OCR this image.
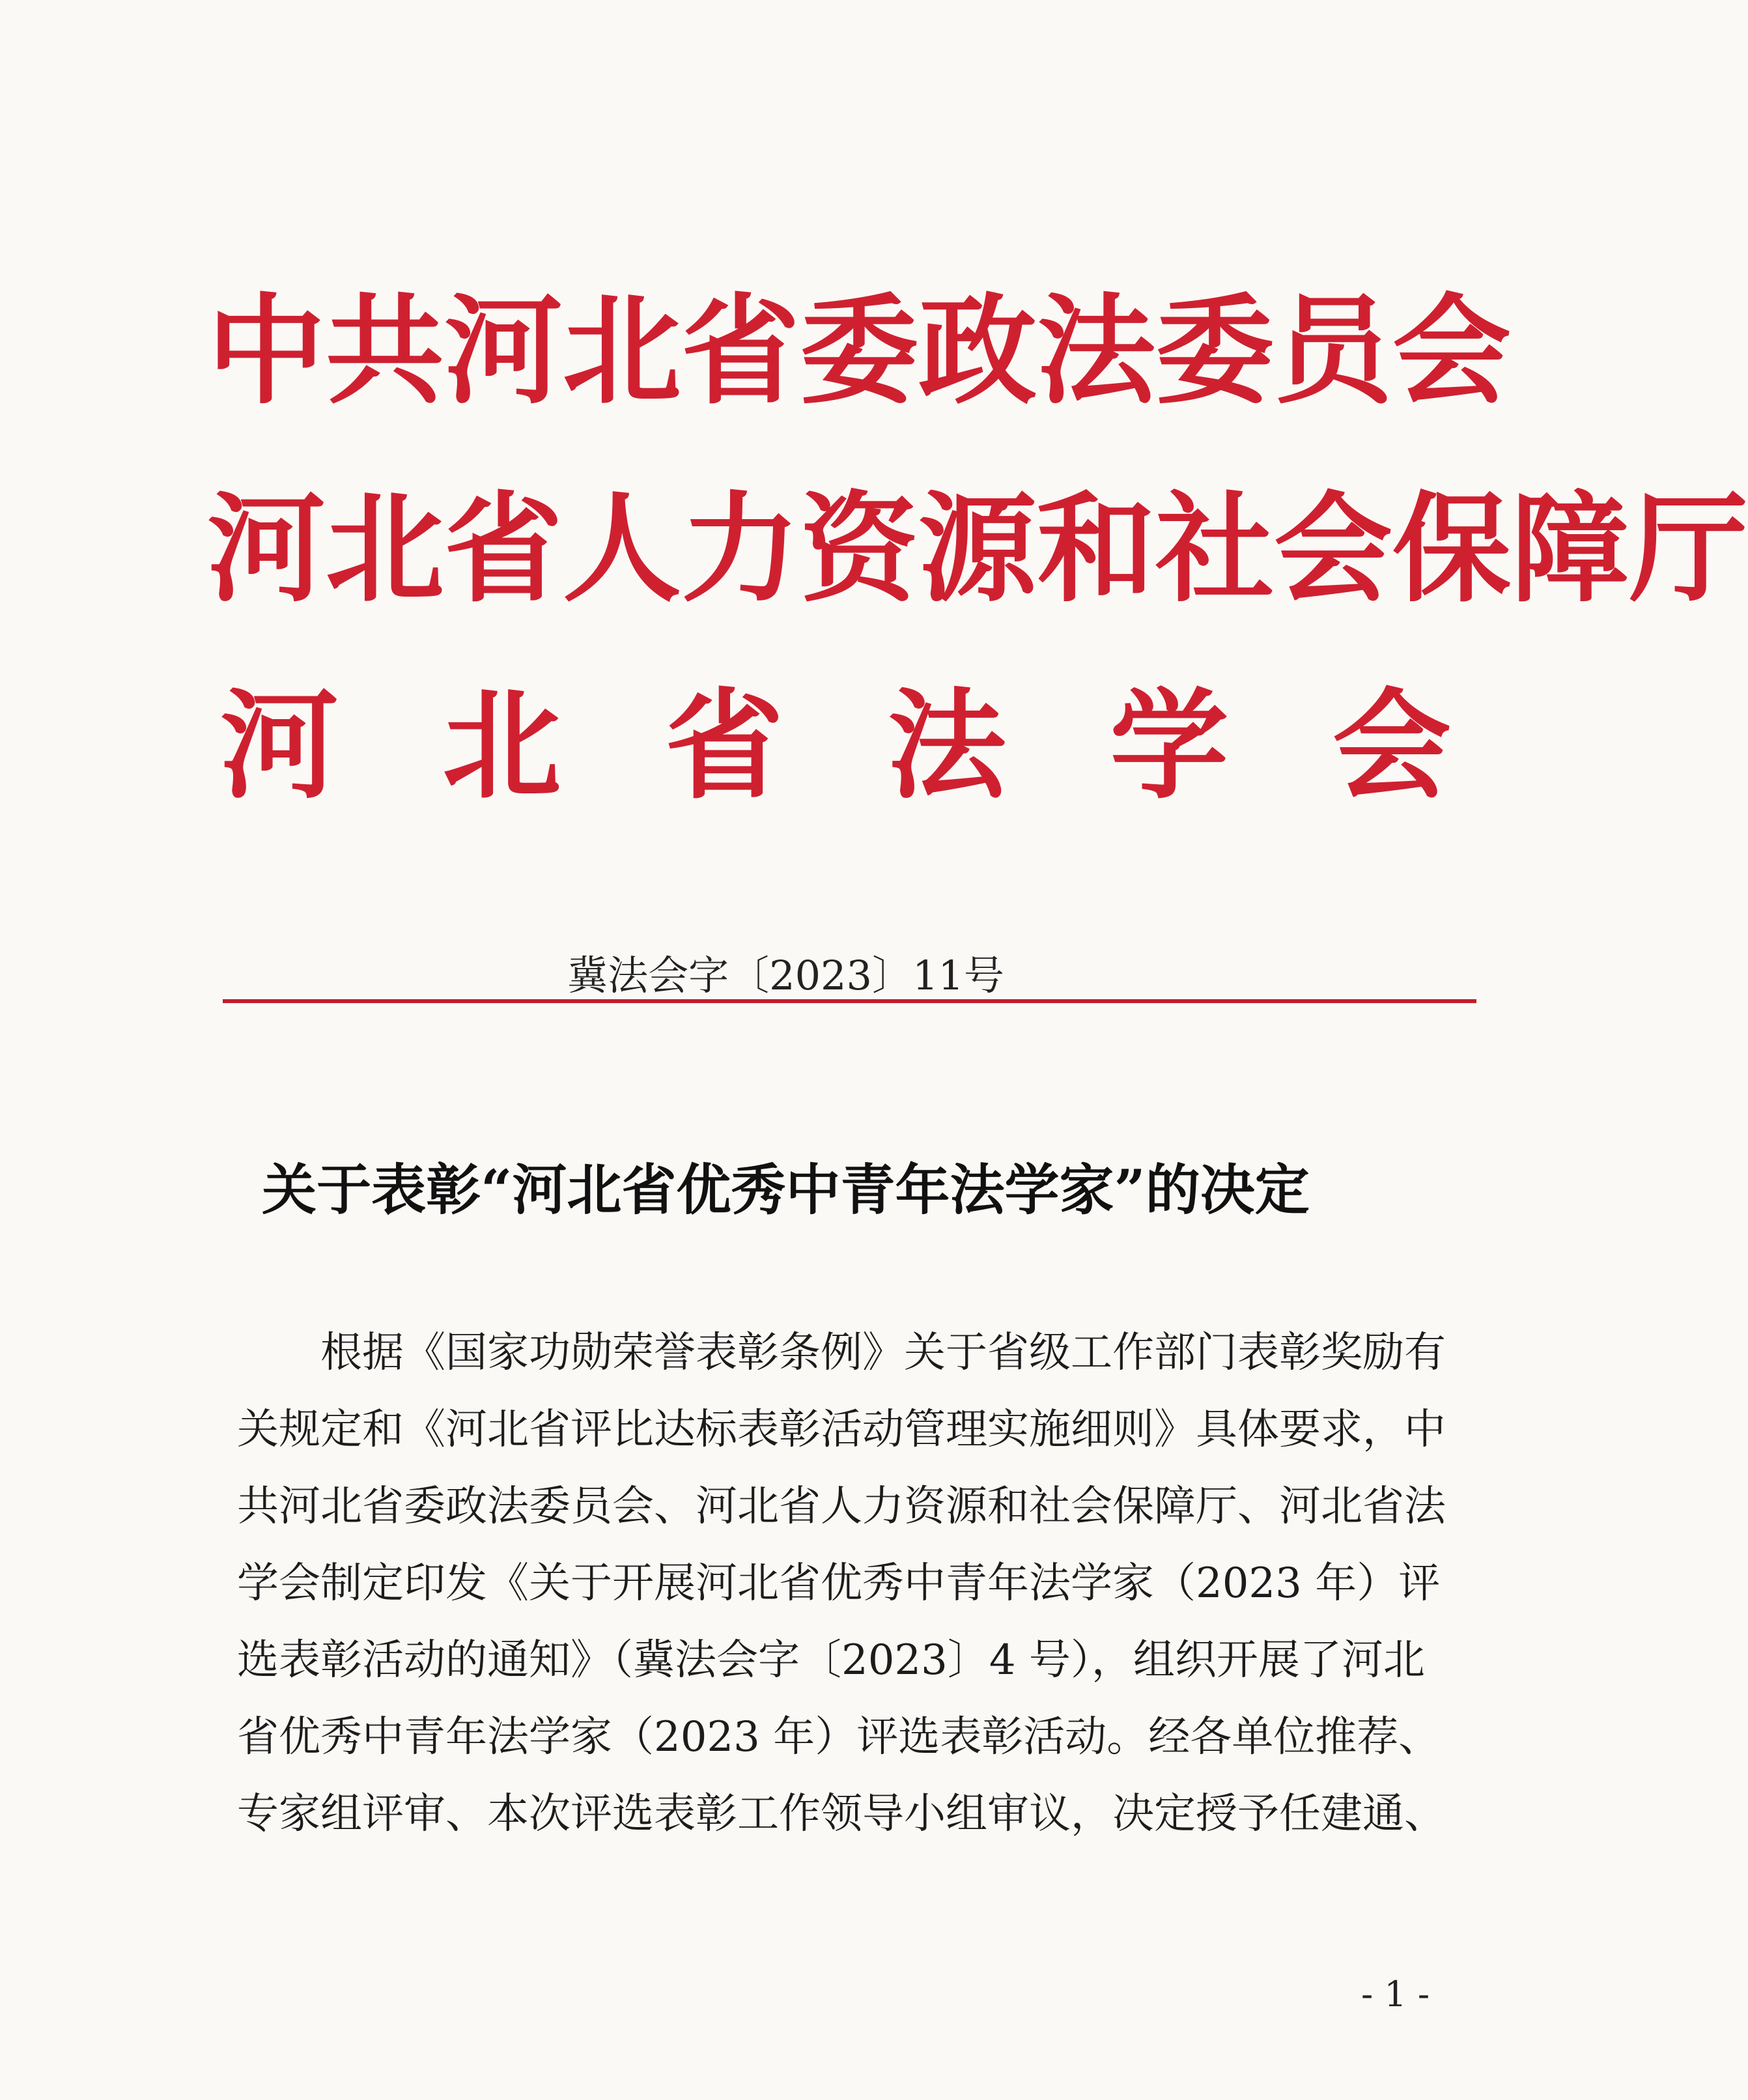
中 共 河 北 省 委 政 法 委 员 会
河 北 省 人 力 资 源 和 社 会 保 障 厅
河 北 省 法 学 会
冀法会字〔2023〕11号
关于表彰“河北省优秀中青年法学家”的决定
根据《国家功勋荣誉表彰条例》关于省级工作部门表彰奖励有
关规定和《河北省评比达标表彰活动管理实施细则》具体要求，中
共河北省委政法委员会、河北省人力资源和社会保障厅、河北省法
学会制定印发《关于开展河北省优秀中青年法学家（2023 年）评
选表彰活动的通知》（冀法会字〔2023〕4 号），组织开展了河北
省优秀中青年法学家（2023 年）评选表彰活动。经各单位推荐、
专家组评审、本次评选表彰工作领导小组审议，决定授予任建通、
- 1 -
